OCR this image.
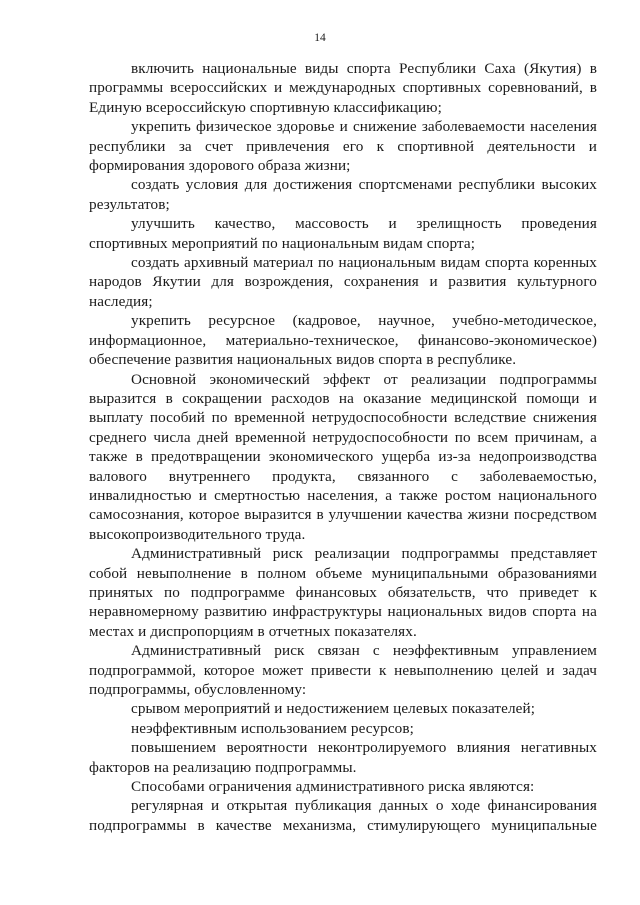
14

включить национальные виды спорта Республики Саха (Якутия) в программы всероссийских и международных спортивных соревнований, в Единую всероссийскую спортивную классификацию;

укрепить физическое здоровье и снижение заболеваемости населения республики за счет привлечения его к спортивной деятельности и формирования здорового образа жизни;

создать условия для достижения спортсменами республики высоких результатов;

улучшить качество, массовость и зрелищность проведения спортивных мероприятий по национальным видам спорта;

создать архивный материал по национальным видам спорта коренных народов Якутии для возрождения, сохранения и развития культурного наследия;

укрепить ресурсное (кадровое, научное, учебно-методическое, информационное, материально-техническое, финансово-экономическое) обеспечение развития национальных видов спорта в республике.

Основной экономический эффект от реализации подпрограммы выразится в сокращении расходов на оказание медицинской помощи и выплату пособий по временной нетрудоспособности вследствие снижения среднего числа дней временной нетрудоспособности по всем причинам, а также в предотвращении экономического ущерба из-за недопроизводства валового внутреннего продукта, связанного с заболеваемостью, инвалидностью и смертностью населения, а также ростом национального самосознания, которое выразится в улучшении качества жизни посредством высокопроизводительного труда.

Административный риск реализации подпрограммы представляет собой невыполнение в полном объеме муниципальными образованиями принятых по подпрограмме финансовых обязательств, что приведет к неравномерному развитию инфраструктуры национальных видов спорта на местах и диспропорциям в отчетных показателях.

Административный риск связан с неэффективным управлением подпрограммой, которое может привести к невыполнению целей и задач подпрограммы, обусловленному:

срывом мероприятий и недостижением целевых показателей;

неэффективным использованием ресурсов;

повышением вероятности неконтролируемого влияния негативных факторов на реализацию подпрограммы.

Способами ограничения административного риска являются:

регулярная и открытая публикация данных о ходе финансирования подпрограммы в качестве механизма, стимулирующего муниципальные
